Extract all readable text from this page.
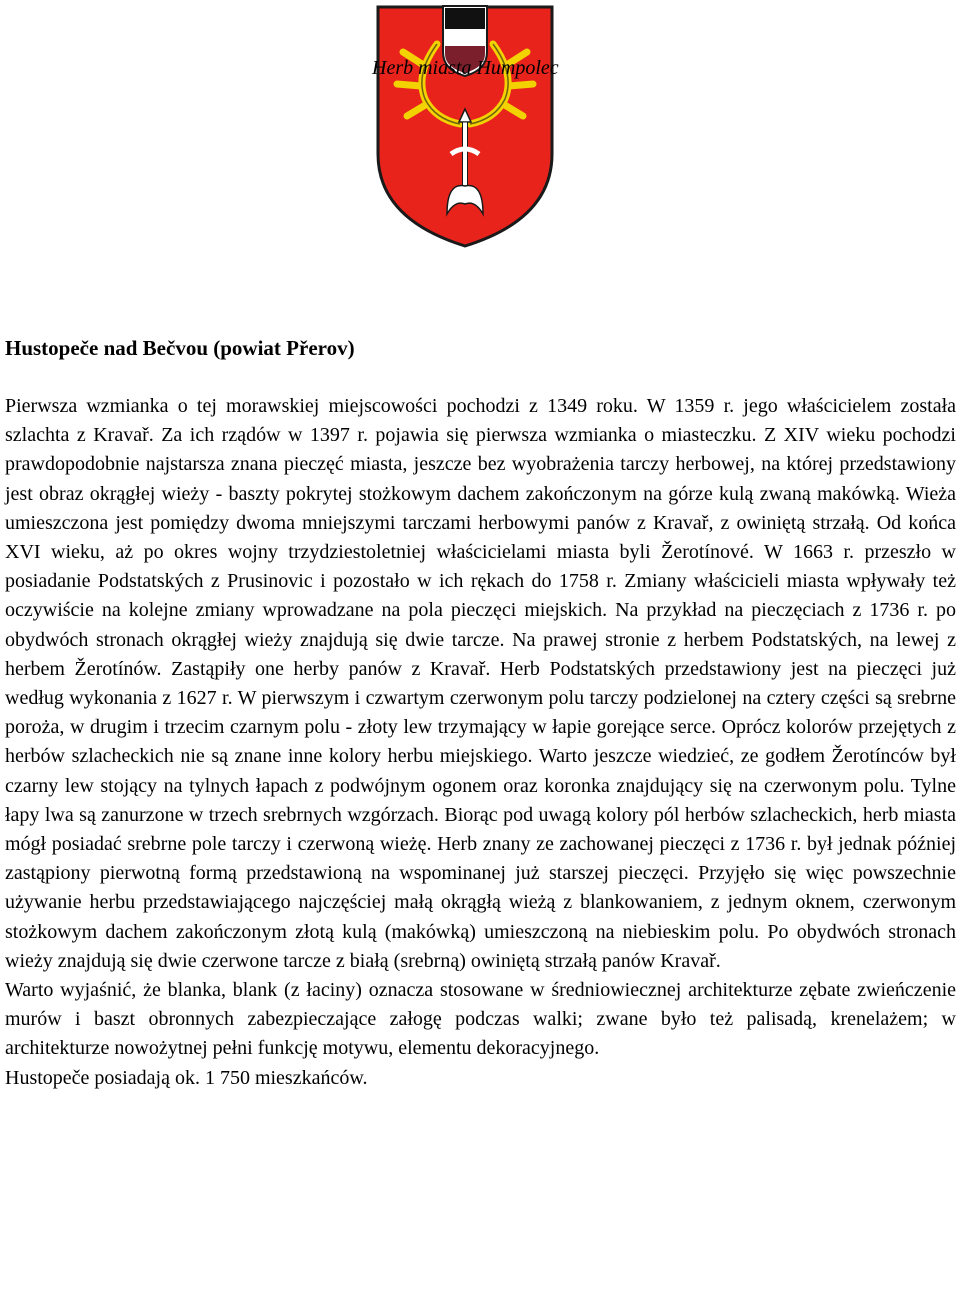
Herb miasta Humpolec
Hustopeče nad Bečvou (powiat Přerov)

Pierwsza wzmianka o tej morawskiej miejscowości pochodzi z 1349 roku. W 1359 r. jego właścicielem została szlachta z Kravař. Za ich rządów w 1397 r. pojawia się pierwsza wzmianka o miasteczku. Z XIV wieku pochodzi prawdopodobnie najstarsza znana pieczęć miasta, jeszcze bez wyobrażenia tarczy herbowej, na której przedstawiony jest obraz okrągłej wieży - baszty pokrytej stożkowym dachem zakończonym na górze kulą zwaną makówką. Wieża umieszczona jest pomiędzy dwoma mniejszymi tarczami herbowymi panów z Kravař, z owiniętą strzałą. Od końca XVI wieku, aż po okres wojny trzydziestoletniej właścicielami miasta byli Žerotínové. W 1663 r. przeszło w posiadanie Podstatských z Prusinovic i pozostało w ich rękach do 1758 r. Zmiany właścicieli miasta wpływały też oczywiście na kolejne zmiany wprowadzane na pola pieczęci miejskich. Na przykład na pieczęciach z 1736 r. po obydwóch stronach okrągłej wieży znajdują się dwie tarcze. Na prawej stronie z herbem Podstatských, na lewej z herbem Žerotínów. Zastąpiły one herby panów z Kravař. Herb Podstatských przedstawiony jest na pieczęci już według wykonania z 1627 r. W pierwszym i czwartym czerwonym polu tarczy podzielonej na cztery części są srebrne poroża, w drugim i trzecim czarnym polu - złoty lew trzymający w łapie gorejące serce. Oprócz kolorów przejętych z herbów szlacheckich nie są znane inne kolory herbu miejskiego. Warto jeszcze wiedzieć, ze godłem Žerotínców był czarny lew stojący na tylnych łapach z podwójnym ogonem oraz koronka znajdujący się na czerwonym polu. Tylne łapy lwa są zanurzone w trzech srebrnych wzgórzach. Biorąc pod uwagą kolory pól herbów szlacheckich, herb miasta mógł posiadać srebrne pole tarczy i czerwoną wieżę. Herb znany ze zachowanej pieczęci z 1736 r. był jednak później zastąpiony pierwotną formą przedstawioną na wspominanej już starszej pieczęci. Przyjęło się więc powszechnie używanie herbu przedstawiającego najczęściej małą okrągłą wieżą z blankowaniem, z jednym oknem, czerwonym stożkowym dachem zakończonym złotą kulą (makówką) umieszczoną na niebieskim polu. Po obydwóch stronach wieży znajdują się dwie czerwone tarcze z białą (srebrną) owiniętą strzałą panów Kravař.

Warto wyjaśnić, że blanka, blank (z łaciny) oznacza stosowane w średniowiecznej architekturze zębate zwieńczenie murów i baszt obronnych zabezpieczające załogę podczas walki; zwane było też palisadą, krenelażem; w architekturze nowożytnej pełni funkcję motywu, elementu dekoracyjnego.

Hustopeče posiadają ok. 1 750 mieszkańców.
